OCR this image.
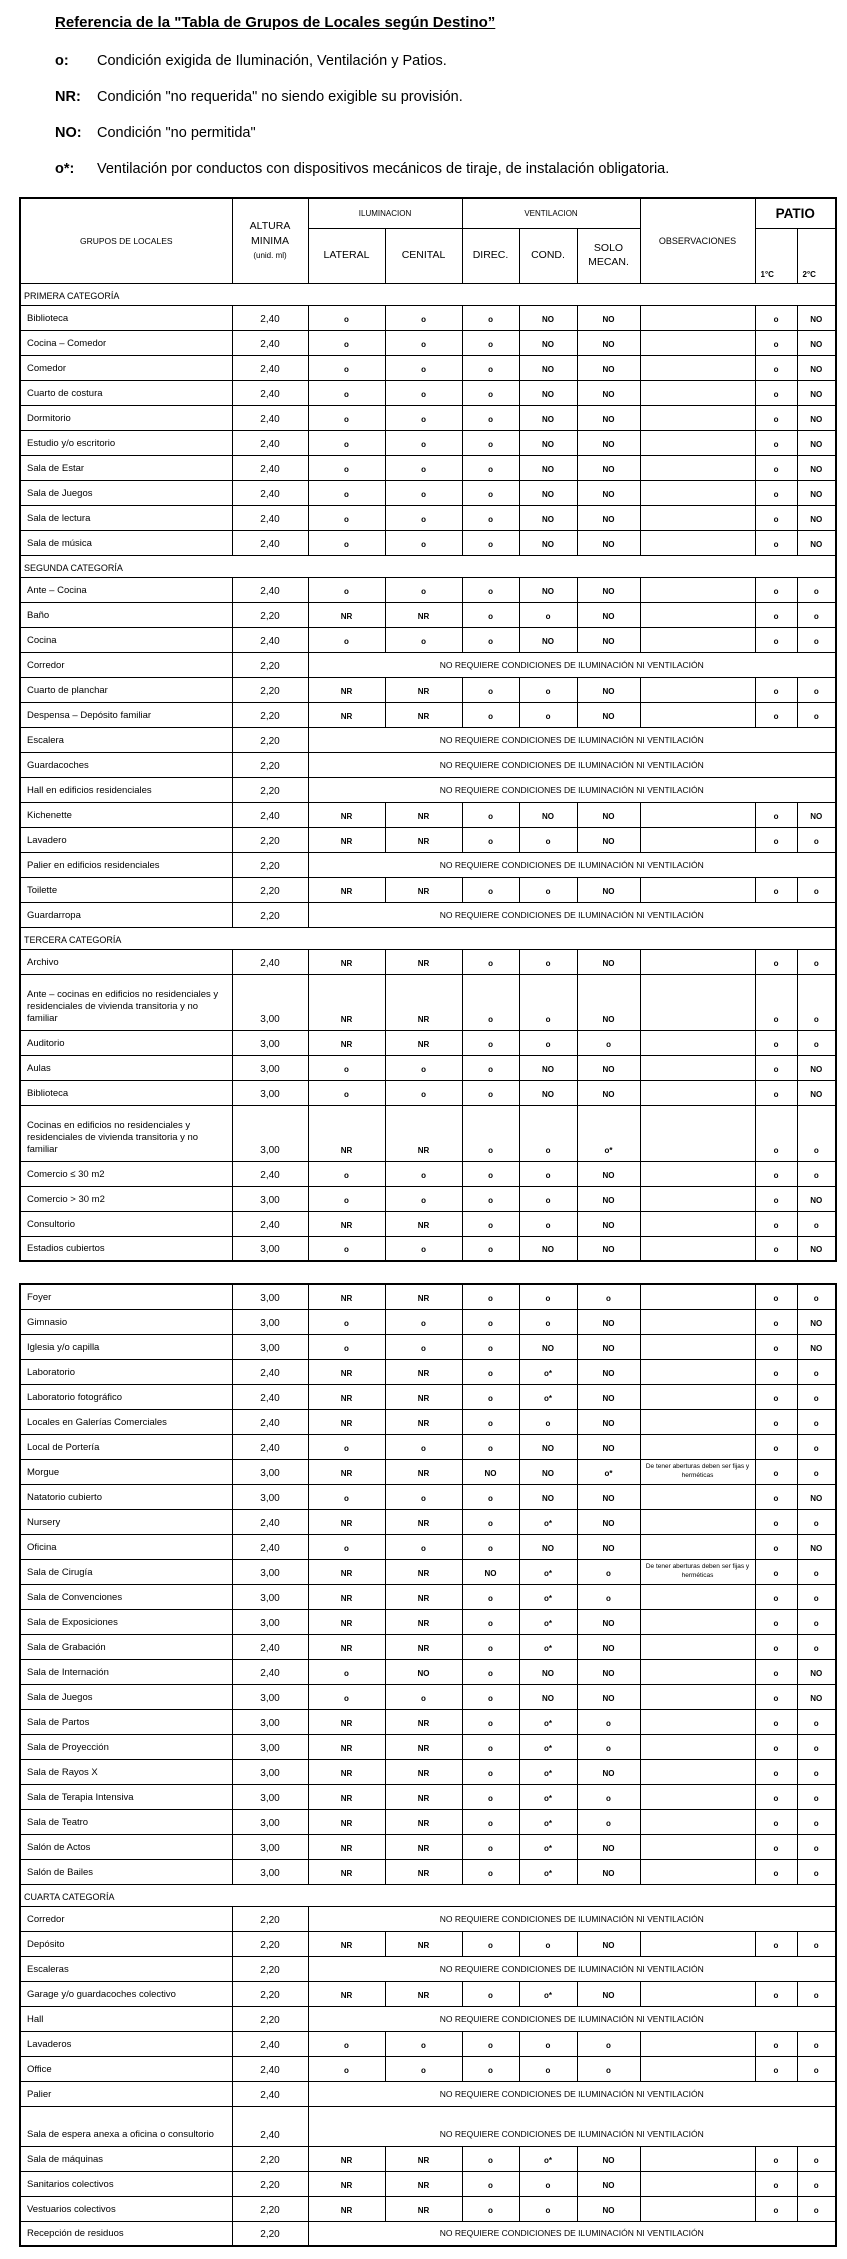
Referencia de la "Tabla de Grupos de Locales según Destino”
o: Condición exigida de Iluminación, Ventilación y Patios.
NR: Condición "no requerida" no siendo exigible su provisión.
NO: Condición "no permitida"
o*: Ventilación por conductos con dispositivos mecánicos de tiraje, de instalación obligatoria.
GRUPOS DE LOCALES	ALTURA
MINIMA
(unid. ml)	ILUMINACION		VENTILACION			OBSERVACIONES	PATIO	
		LATERAL	CENITAL	DIREC.	COND.	SOLO
MECAN.		1°C	2°C
PRIMERA CATEGORÍA									
Biblioteca	2,40	o	o	o	NO	NO		o	NO
Cocina – Comedor	2,40	o	o	o	NO	NO		o	NO
Comedor	2,40	o	o	o	NO	NO		o	NO
Cuarto de costura	2,40	o	o	o	NO	NO		o	NO
Dormitorio	2,40	o	o	o	NO	NO		o	NO
Estudio y/o escritorio	2,40	o	o	o	NO	NO		o	NO
Sala de Estar	2,40	o	o	o	NO	NO		o	NO
Sala de Juegos	2,40	o	o	o	NO	NO		o	NO
Sala de lectura	2,40	o	o	o	NO	NO		o	NO
Sala de música	2,40	o	o	o	NO	NO		o	NO
SEGUNDA CATEGORÍA									
Ante – Cocina	2,40	o	o	o	NO	NO		o	o
Baño	2,20	NR	NR	o	o	NO		o	o
Cocina	2,40	o	o	o	NO	NO		o	o
Corredor	2,20	NO REQUIERE CONDICIONES DE ILUMINACIÓN NI VENTILACIÓN							
Cuarto de planchar	2,20	NR	NR	o	o	NO		o	o
Despensa – Depósito familiar	2,20	NR	NR	o	o	NO		o	o
Escalera	2,20	NO REQUIERE CONDICIONES DE ILUMINACIÓN NI VENTILACIÓN							
Guardacoches	2,20	NO REQUIERE CONDICIONES DE ILUMINACIÓN NI VENTILACIÓN							
Hall en edificios residenciales	2,20	NO REQUIERE CONDICIONES DE ILUMINACIÓN NI VENTILACIÓN							
Kichenette	2,40	NR	NR	o	NO	NO		o	NO
Lavadero	2,20	NR	NR	o	o	NO		o	o
Palier en edificios residenciales	2,20	NO REQUIERE CONDICIONES DE ILUMINACIÓN NI VENTILACIÓN							
Toilette	2,20	NR	NR	o	o	NO		o	o
Guardarropa	2,20	NO REQUIERE CONDICIONES DE ILUMINACIÓN NI VENTILACIÓN							
TERCERA CATEGORÍA									
Archivo	2,40	NR	NR	o	o	NO		o	o
Ante – cocinas en edificios no residenciales y residenciales de vivienda transitoria y no familiar	3,00	NR	NR	o	o	NO		o	o
Auditorio	3,00	NR	NR	o	o	o		o	o
Aulas	3,00	o	o	o	NO	NO		o	NO
Biblioteca	3,00	o	o	o	NO	NO		o	NO
Cocinas en edificios no residenciales y residenciales de vivienda transitoria y no familiar	3,00	NR	NR	o	o	o*		o	o
Comercio ≤ 30 m2	2,40	o	o	o	o	NO		o	o
Comercio > 30 m2	3,00	o	o	o	o	NO		o	NO
Consultorio	2,40	NR	NR	o	o	NO		o	o
Estadios cubiertos	3,00	o	o	o	NO	NO		o	NO
Foyer	3,00	NR	NR	o	o	o		o	o
Gimnasio	3,00	o	o	o	o	NO		o	NO
Iglesia y/o capilla	3,00	o	o	o	NO	NO		o	NO
Laboratorio	2,40	NR	NR	o	o*	NO		o	o
Laboratorio fotográfico	2,40	NR	NR	o	o*	NO		o	o
Locales en Galerías Comerciales	2,40	NR	NR	o	o	NO		o	o
Local de Portería	2,40	o	o	o	NO	NO		o	o
Morgue	3,00	NR	NR	NO	NO	o*	De tener aberturas deben ser fijas y herméticas	o	o
Natatorio cubierto	3,00	o	o	o	NO	NO		o	NO
Nursery	2,40	NR	NR	o	o*	NO		o	o
Oficina	2,40	o	o	o	NO	NO		o	NO
Sala de Cirugía	3,00	NR	NR	NO	o*	o	De tener aberturas deben ser fijas y herméticas	o	o
Sala de Convenciones	3,00	NR	NR	o	o*	o		o	o
Sala de Exposiciones	3,00	NR	NR	o	o*	NO		o	o
Sala de Grabación	2,40	NR	NR	o	o*	NO		o	o
Sala de Internación	2,40	o	NO	o	NO	NO		o	NO
Sala de Juegos	3,00	o	o	o	NO	NO		o	NO
Sala de Partos	3,00	NR	NR	o	o*	o		o	o
Sala de Proyección	3,00	NR	NR	o	o*	o		o	o
Sala de Rayos X	3,00	NR	NR	o	o*	NO		o	o
Sala de Terapia Intensiva	3,00	NR	NR	o	o*	o		o	o
Sala de Teatro	3,00	NR	NR	o	o*	o		o	o
Salón de Actos	3,00	NR	NR	o	o*	NO		o	o
Salón de Bailes	3,00	NR	NR	o	o*	NO		o	o
CUARTA CATEGORÍA									
Corredor	2,20	NO REQUIERE CONDICIONES DE ILUMINACIÓN NI VENTILACIÓN							
Depósito	2,20	NR	NR	o	o	NO		o	o
Escaleras	2,20	NO REQUIERE CONDICIONES DE ILUMINACIÓN NI VENTILACIÓN							
Garage y/o guardacoches colectivo	2,20	NR	NR	o	o*	NO		o	o
Hall	2,20	NO REQUIERE CONDICIONES DE ILUMINACIÓN NI VENTILACIÓN							
Lavaderos	2,40	o	o	o	o	o		o	o
Office	2,40	o	o	o	o	o		o	o
Palier	2,40	NO REQUIERE CONDICIONES DE ILUMINACIÓN NI VENTILACIÓN							
Sala de espera anexa a oficina o consultorio	2,40	NO REQUIERE CONDICIONES DE ILUMINACIÓN NI VENTILACIÓN							
Sala de máquinas	2,20	NR	NR	o	o*	NO		o	o
Sanitarios colectivos	2,20	NR	NR	o	o	NO		o	o
Vestuarios colectivos	2,20	NR	NR	o	o	NO		o	o
Recepción de residuos	2,20	NO REQUIERE CONDICIONES DE ILUMINACIÓN NI VENTILACIÓN							
